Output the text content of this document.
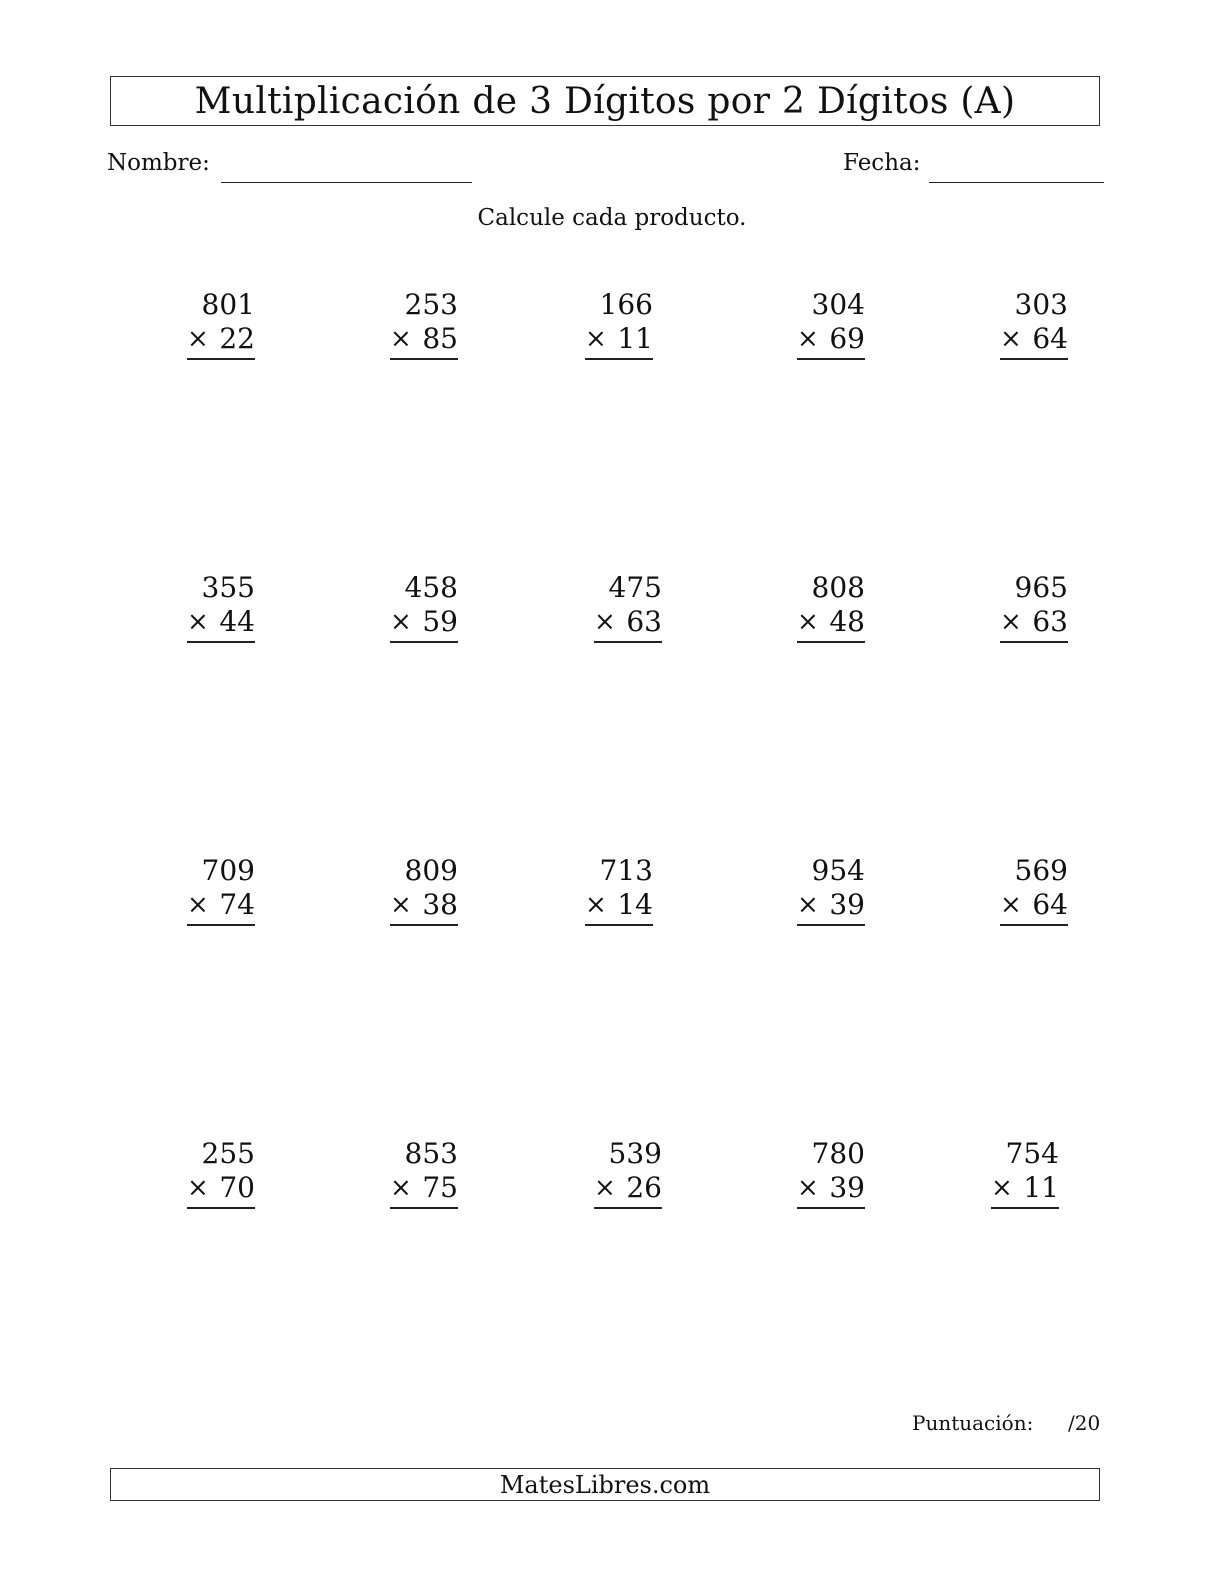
Multiplicación de 3 Dígitos por 2 Dígitos (A)
Nombre:	Fecha:
Calcule cada producto.
801
× 22
253
× 85
166
× 11
304
× 69
303
× 64
355
× 44
458
× 59
475
× 63
808
× 48
965
× 63
709
× 74
809
× 38
713
× 14
954
× 39
569
× 64
255
× 70
853
× 75
539
× 26
780
× 39
754
× 11
Puntuación: /20
MatesLibres.com
